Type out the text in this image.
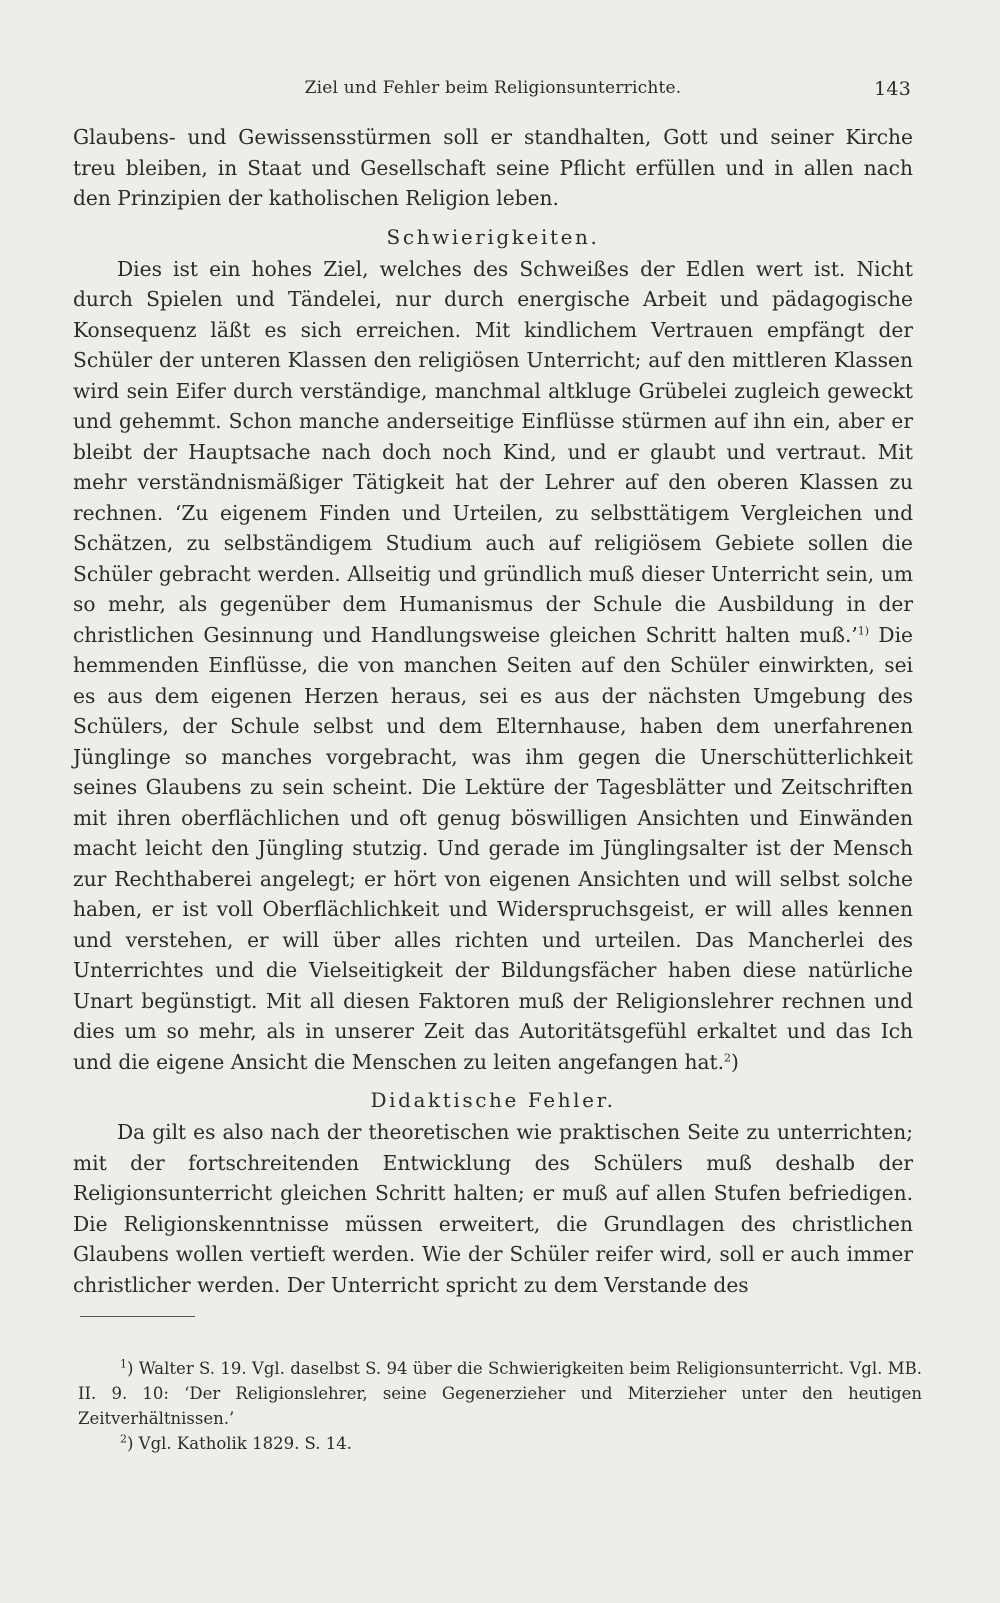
Ziel und Fehler beim Religionsunterrichte.	143

Glaubens- und Gewissensstürmen soll er standhalten, Gott und seiner Kirche treu bleiben, in Staat und Gesellschaft seine Pflicht erfüllen und in allen nach den Prinzipien der katholischen Religion leben.

Schwierigkeiten.

Dies ist ein hohes Ziel, welches des Schweißes der Edlen wert ist. Nicht durch Spielen und Tändelei, nur durch energische Arbeit und pädagogische Konsequenz läßt es sich erreichen. Mit kindlichem Vertrauen empfängt der Schüler der unteren Klassen den religiösen Unterricht; auf den mittleren Klassen wird sein Eifer durch verständige, manchmal altkluge Grübelei zugleich geweckt und gehemmt. Schon manche anderseitige Einflüsse stürmen auf ihn ein, aber er bleibt der Hauptsache nach doch noch Kind, und er glaubt und vertraut. Mit mehr verständnismäßiger Tätigkeit hat der Lehrer auf den oberen Klassen zu rechnen. ‘Zu eigenem Finden und Urteilen, zu selbsttätigem Vergleichen und Schätzen, zu selbständigem Studium auch auf religiösem Gebiete sollen die Schüler gebracht werden. Allseitig und gründlich muß dieser Unterricht sein, um so mehr, als gegenüber dem Humanismus der Schule die Ausbildung in der christlichen Gesinnung und Handlungsweise gleichen Schritt halten muß.’$^{1)}$ Die hemmenden Einflüsse, die von manchen Seiten auf den Schüler einwirkten, sei es aus dem eigenen Herzen heraus, sei es aus der nächsten Umgebung des Schülers, der Schule selbst und dem Elternhause, haben dem unerfahrenen Jünglinge so manches vorgebracht, was ihm gegen die Unerschütterlichkeit seines Glaubens zu sein scheint. Die Lektüre der Tagesblätter und Zeitschriften mit ihren oberflächlichen und oft genug böswilligen Ansichten und Einwänden macht leicht den Jüngling stutzig. Und gerade im Jünglingsalter ist der Mensch zur Rechthaberei angelegt; er hört von eigenen Ansichten und will selbst solche haben, er ist voll Oberflächlichkeit und Widerspruchsgeist, er will alles kennen und verstehen, er will über alles richten und urteilen. Das Mancherlei des Unterrichtes und die Vielseitigkeit der Bildungsfächer haben diese natürliche Unart begünstigt. Mit all diesen Faktoren muß der Religionslehrer rechnen und dies um so mehr, als in unserer Zeit das Autoritätsgefühl erkaltet und das Ich und die eigene Ansicht die Menschen zu leiten angefangen hat.$^2$)

Didaktische Fehler.

Da gilt es also nach der theoretischen wie praktischen Seite zu unterrichten; mit der fortschreitenden Entwicklung des Schülers muß deshalb der Religionsunterricht gleichen Schritt halten; er muß auf allen Stufen befriedigen. Die Religionskenntnisse müssen erweitert, die Grundlagen des christlichen Glaubens wollen vertieft werden. Wie der Schüler reifer wird, soll er auch immer christlicher werden. Der Unterricht spricht zu dem Verstande des

$^1$) Walter S. 19. Vgl. daselbst S. 94 über die Schwierigkeiten beim Religionsunterricht. Vgl. MB. II. 9. 10: ‘Der Religionslehrer, seine Gegenerzieher und Miterzieher unter den heutigen Zeitverhältnissen.’

$^2$) Vgl. Katholik 1829. S. 14.
